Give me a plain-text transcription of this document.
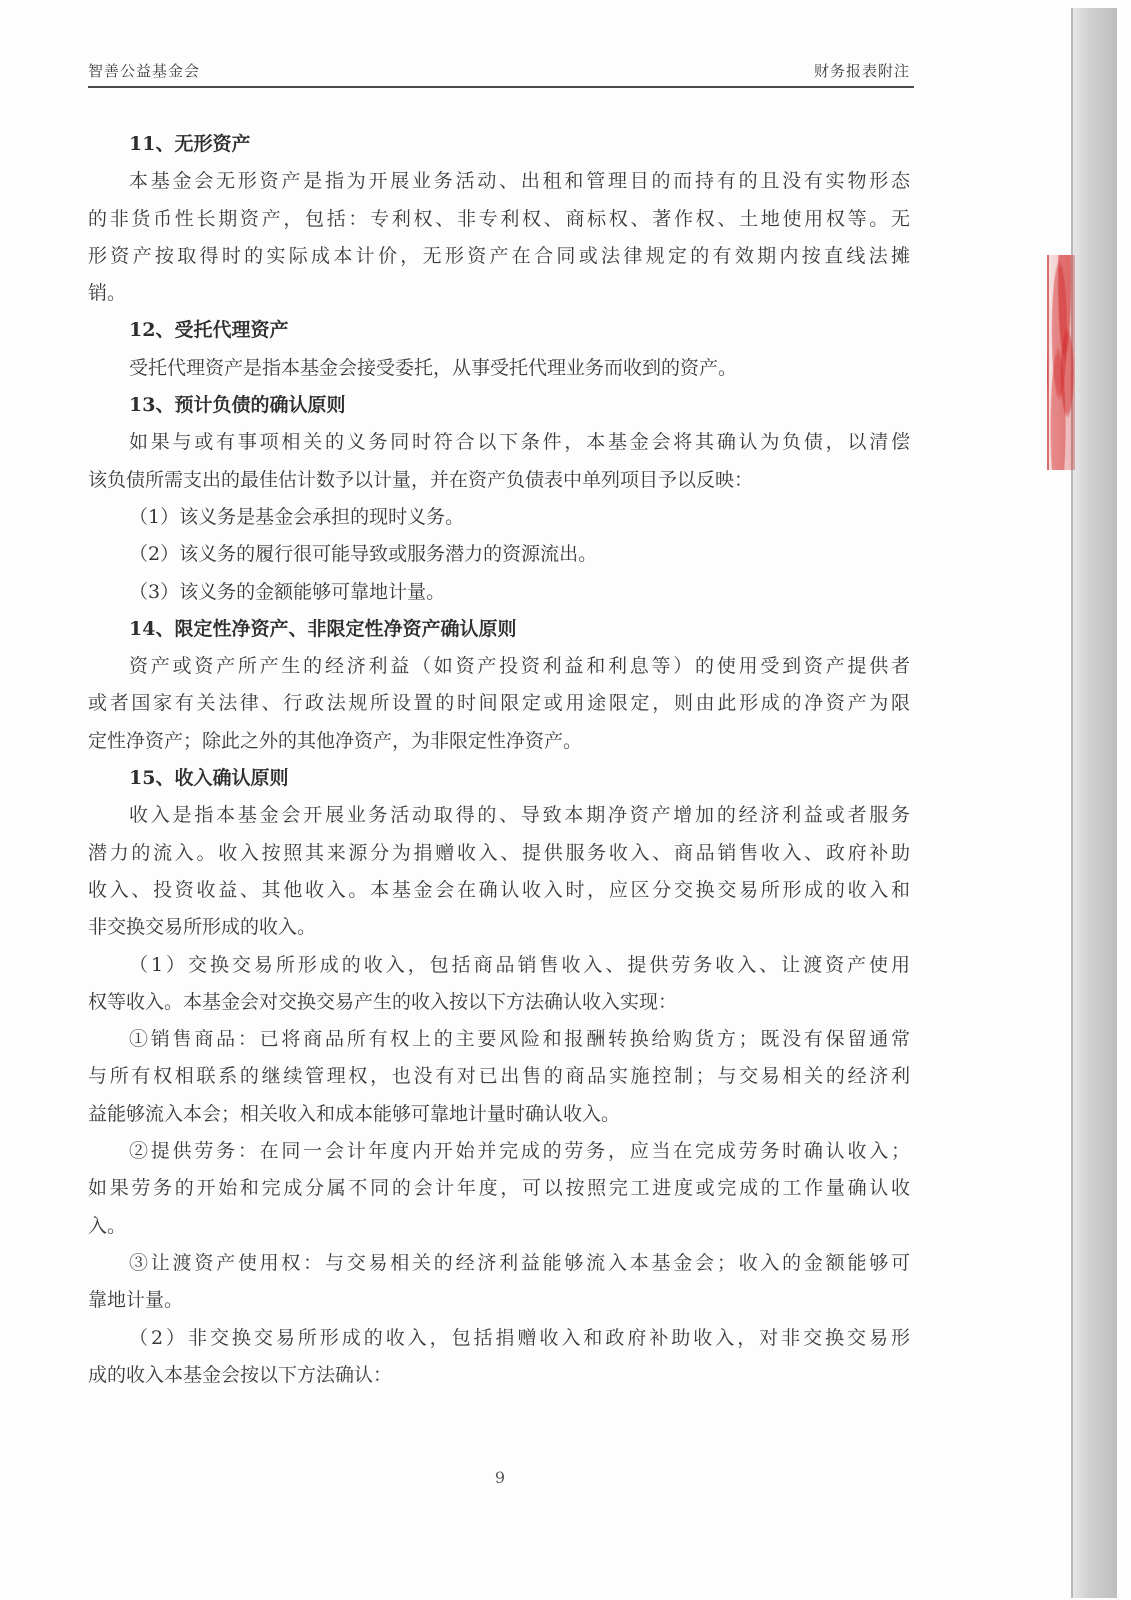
智善公益基金会	财务报表附注
11、无形资产
本基金会无形资产是指为开展业务活动、出租和管理目的而持有的且没有实物形态
的非货币性长期资产，包括：专利权、非专利权、商标权、著作权、土地使用权等。无
形资产按取得时的实际成本计价，无形资产在合同或法律规定的有效期内按直线法摊
销。
12、受托代理资产
受托代理资产是指本基金会接受委托，从事受托代理业务而收到的资产。
13、预计负债的确认原则
如果与或有事项相关的义务同时符合以下条件，本基金会将其确认为负债，以清偿
该负债所需支出的最佳估计数予以计量，并在资产负债表中单列项目予以反映：
（1）该义务是基金会承担的现时义务。
（2）该义务的履行很可能导致或服务潜力的资源流出。
（3）该义务的金额能够可靠地计量。
14、限定性净资产、非限定性净资产确认原则
资产或资产所产生的经济利益（如资产投资利益和利息等）的使用受到资产提供者
或者国家有关法律、行政法规所设置的时间限定或用途限定，则由此形成的净资产为限
定性净资产；除此之外的其他净资产，为非限定性净资产。
15、收入确认原则
收入是指本基金会开展业务活动取得的、导致本期净资产增加的经济利益或者服务
潜力的流入。收入按照其来源分为捐赠收入、提供服务收入、商品销售收入、政府补助
收入、投资收益、其他收入。本基金会在确认收入时，应区分交换交易所形成的收入和
非交换交易所形成的收入。
（1）交换交易所形成的收入，包括商品销售收入、提供劳务收入、让渡资产使用
权等收入。本基金会对交换交易产生的收入按以下方法确认收入实现：
①销售商品：已将商品所有权上的主要风险和报酬转换给购货方；既没有保留通常
与所有权相联系的继续管理权，也没有对已出售的商品实施控制；与交易相关的经济利
益能够流入本会；相关收入和成本能够可靠地计量时确认收入。
②提供劳务：在同一会计年度内开始并完成的劳务，应当在完成劳务时确认收入；
如果劳务的开始和完成分属不同的会计年度，可以按照完工进度或完成的工作量确认收
入。
③让渡资产使用权：与交易相关的经济利益能够流入本基金会；收入的金额能够可
靠地计量。
（2）非交换交易所形成的收入，包括捐赠收入和政府补助收入，对非交换交易形
成的收入本基金会按以下方法确认：
9
